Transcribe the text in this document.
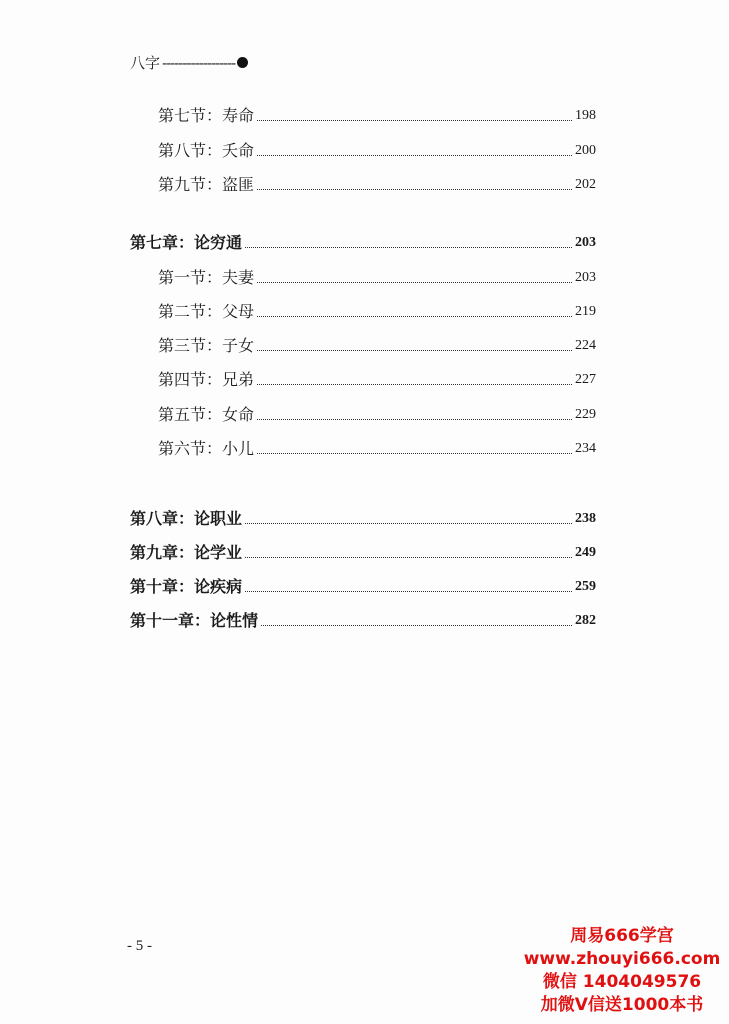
八字 ------------------
第七节：寿命	198
第八节：夭命	200
第九节：盗匪	202
第七章：论穷通	203
第一节：夫妻	203
第二节：父母	219
第三节：子女	224
第四节：兄弟	227
第五节：女命	229
第六节：小儿	234
第八章：论职业	238
第九章：论学业	249
第十章：论疾病	259
第十一章：论性情	282
- 5 -	周易666学宫
www.zhouyi666.com
微信 1404049576
加微V信送1000本书
